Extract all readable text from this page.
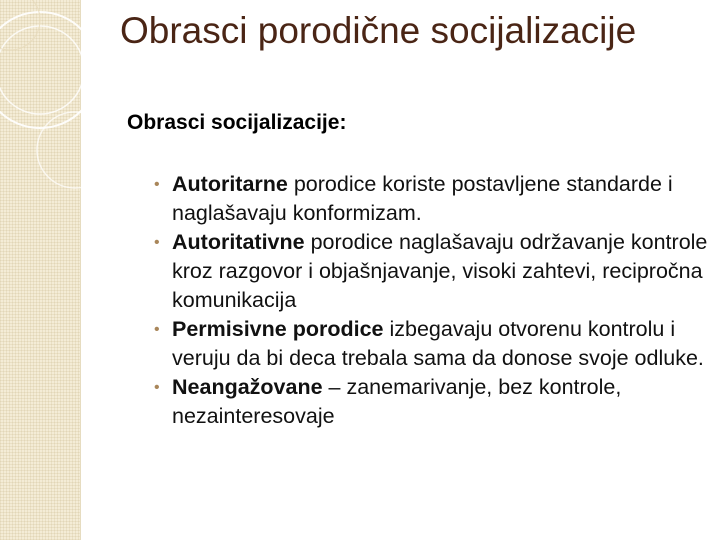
Obrasci porodične socijalizacije
Obrasci socijalizacije:
• Autoritarne porodice koriste postavljene standarde i naglašavaju konformizam.
• Autoritativne porodice naglašavaju održavanje kontrole kroz razgovor i objašnjavanje, visoki zahtevi, recipročna komunikacija
• Permisivne porodice izbegavaju otvorenu kontrolu i veruju da bi deca trebala sama da donose svoje odluke.
• Neangažovane – zanemarivanje, bez kontrole, nezainteresovaje
